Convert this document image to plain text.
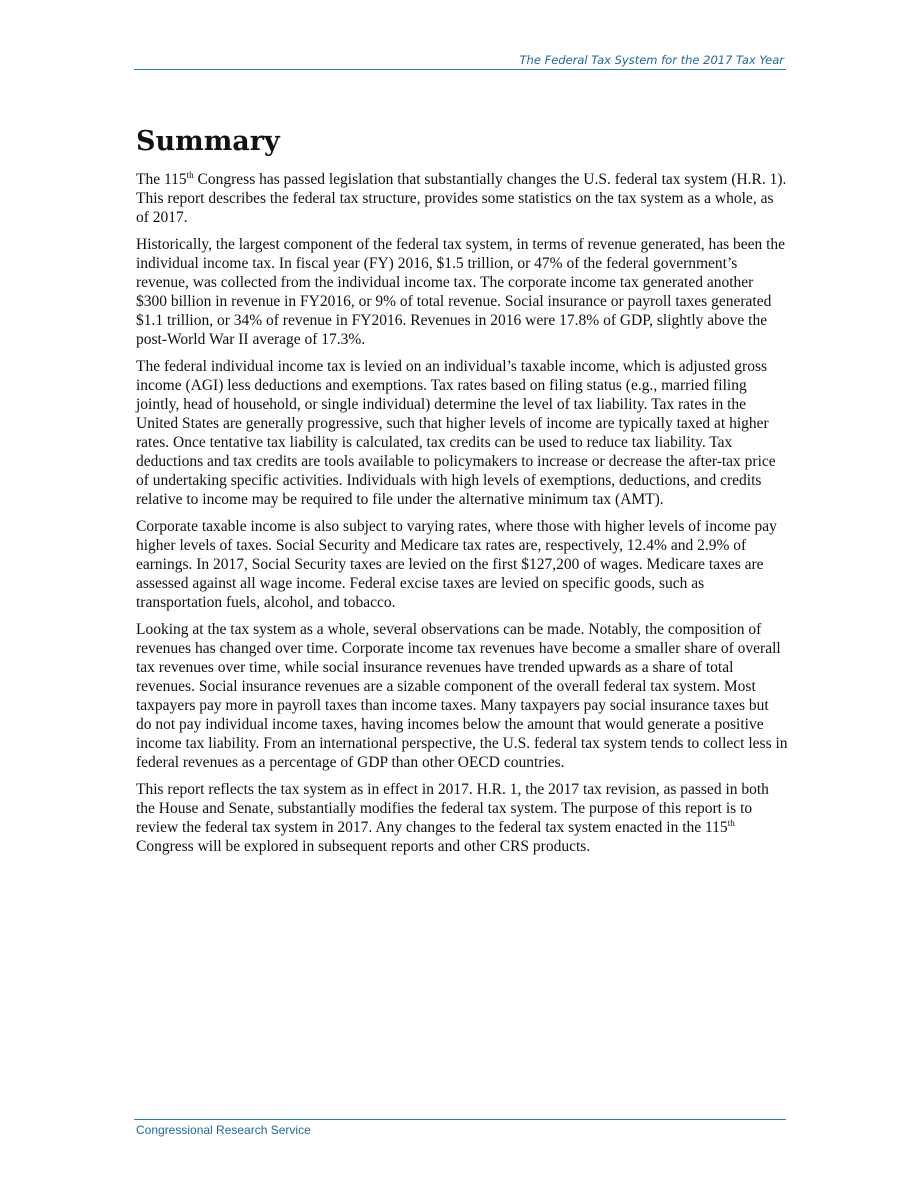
The Federal Tax System for the 2017 Tax Year
Summary

The 115th Congress has passed legislation that substantially changes the U.S. federal tax system (H.R. 1). This report describes the federal tax structure, provides some statistics on the tax system as a whole, as of 2017.

Historically, the largest component of the federal tax system, in terms of revenue generated, has been the individual income tax. In fiscal year (FY) 2016, $1.5 trillion, or 47% of the federal government’s revenue, was collected from the individual income tax. The corporate income tax generated another $300 billion in revenue in FY2016, or 9% of total revenue. Social insurance or payroll taxes generated $1.1 trillion, or 34% of revenue in FY2016. Revenues in 2016 were 17.8% of GDP, slightly above the post-World War II average of 17.3%.

The federal individual income tax is levied on an individual’s taxable income, which is adjusted gross income (AGI) less deductions and exemptions. Tax rates based on filing status (e.g., married filing jointly, head of household, or single individual) determine the level of tax liability. Tax rates in the United States are generally progressive, such that higher levels of income are typically taxed at higher rates. Once tentative tax liability is calculated, tax credits can be used to reduce tax liability. Tax deductions and tax credits are tools available to policymakers to increase or decrease the after-tax price of undertaking specific activities. Individuals with high levels of exemptions, deductions, and credits relative to income may be required to file under the alternative minimum tax (AMT).

Corporate taxable income is also subject to varying rates, where those with higher levels of income pay higher levels of taxes. Social Security and Medicare tax rates are, respectively, 12.4% and 2.9% of earnings. In 2017, Social Security taxes are levied on the first $127,200 of wages. Medicare taxes are assessed against all wage income. Federal excise taxes are levied on specific goods, such as transportation fuels, alcohol, and tobacco.

Looking at the tax system as a whole, several observations can be made. Notably, the composition of revenues has changed over time. Corporate income tax revenues have become a smaller share of overall tax revenues over time, while social insurance revenues have trended upwards as a share of total revenues. Social insurance revenues are a sizable component of the overall federal tax system. Most taxpayers pay more in payroll taxes than income taxes. Many taxpayers pay social insurance taxes but do not pay individual income taxes, having incomes below the amount that would generate a positive income tax liability. From an international perspective, the U.S. federal tax system tends to collect less in federal revenues as a percentage of GDP than other OECD countries.

This report reflects the tax system as in effect in 2017. H.R. 1, the 2017 tax revision, as passed in both the House and Senate, substantially modifies the federal tax system. The purpose of this report is to review the federal tax system in 2017. Any changes to the federal tax system enacted in the 115th Congress will be explored in subsequent reports and other CRS products.

Congressional Research Service
